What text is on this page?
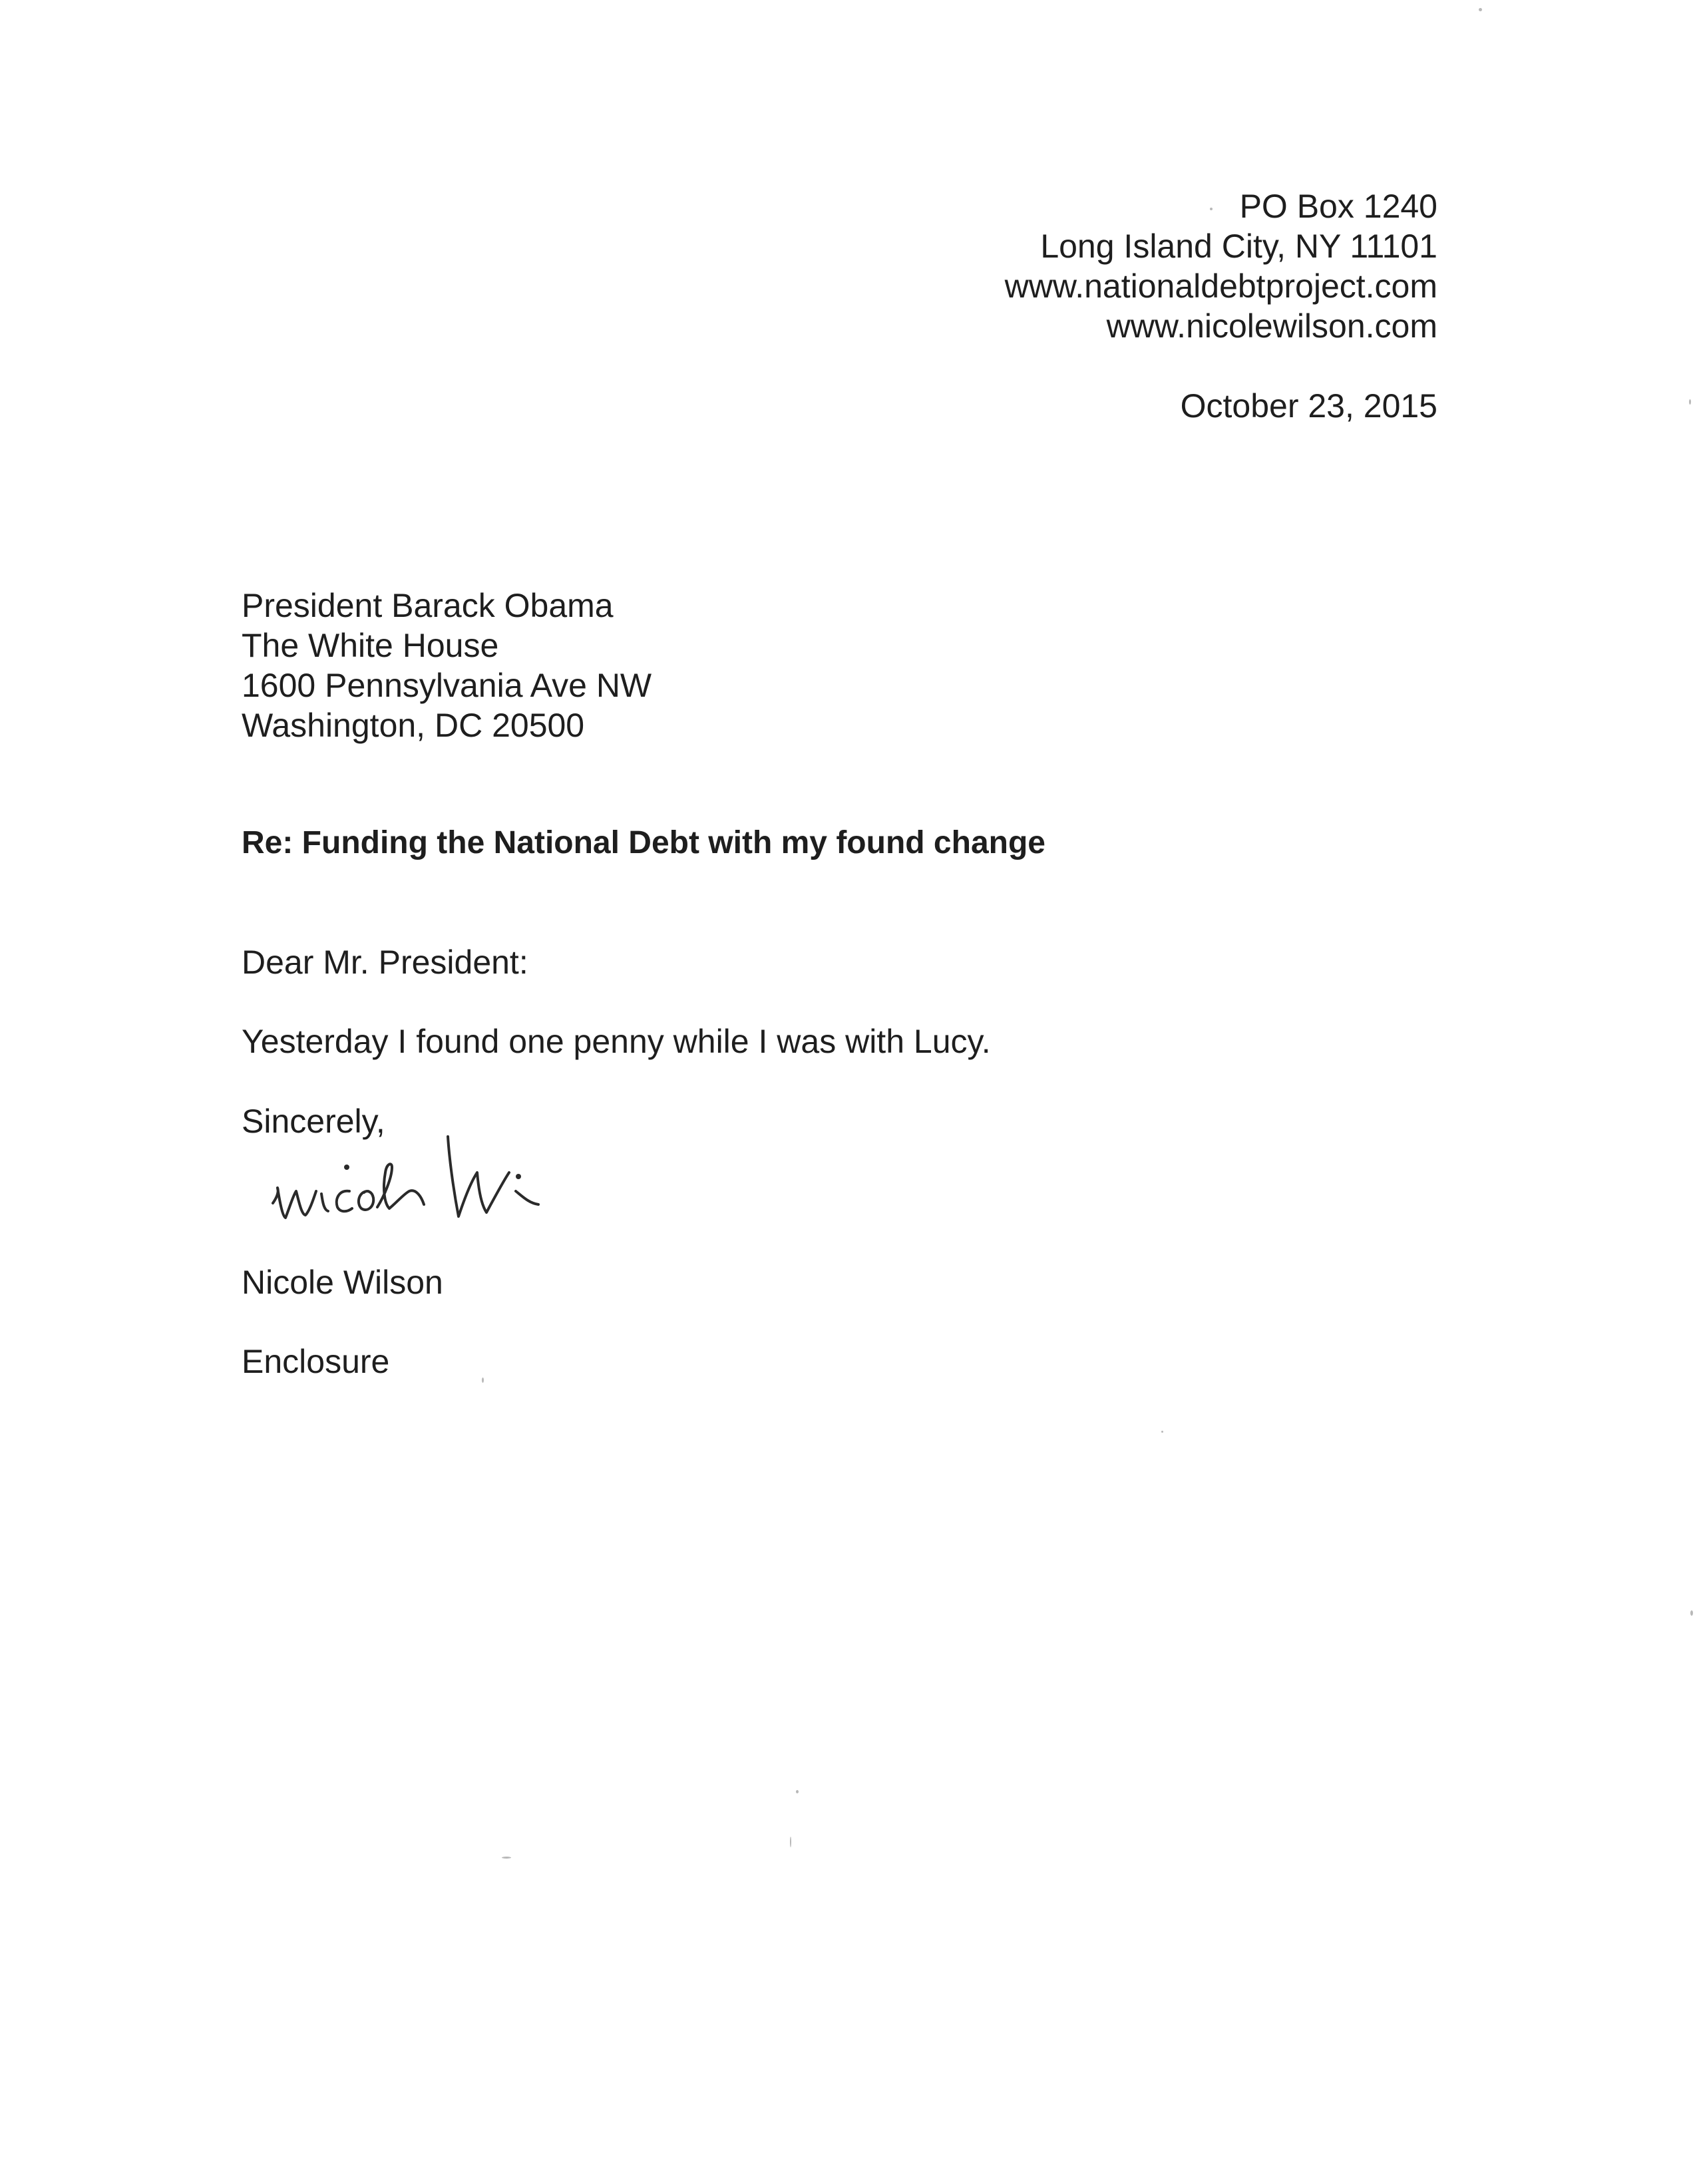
PO Box 1240
Long Island City, NY 11101
www.nationaldebtproject.com
www.nicolewilson.com
October 23, 2015
President Barack Obama
The White House
1600 Pennsylvania Ave NW
Washington, DC 20500
Re: Funding the National Debt with my found change
Dear Mr. President:
Yesterday I found one penny while I was with Lucy.
Sincerely,
Nicole Wilson
Enclosure
